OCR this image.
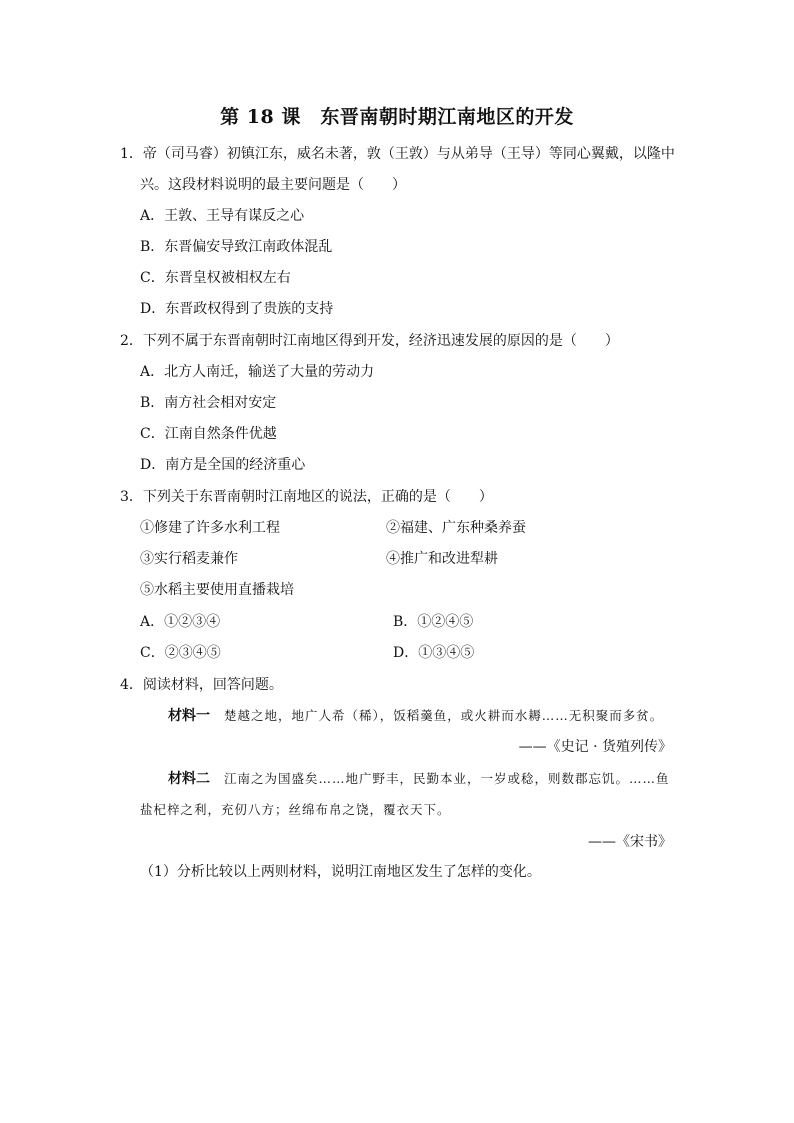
第 18 课　东晋南朝时期江南地区的开发
1．帝（司马睿）初镇江东，威名未著，敦（王敦）与从弟导（王导）等同心翼戴，以隆中
兴。这段材料说明的最主要问题是（　　）
A．王敦、王导有谋反之心
B．东晋偏安导致江南政体混乱
C．东晋皇权被相权左右
D．东晋政权得到了贵族的支持
2．下列不属于东晋南朝时江南地区得到开发，经济迅速发展的原因的是（　　）
A．北方人南迁，输送了大量的劳动力
B．南方社会相对安定
C．江南自然条件优越
D．南方是全国的经济重心
3．下列关于东晋南朝时江南地区的说法，正确的是（　　）
①修建了许多水利工程	②福建、广东种桑养蚕
③实行稻麦兼作	④推广和改进犁耕
⑤水稻主要使用直播栽培
A．①②③④	B．①②④⑤
C．②③④⑤	D．①③④⑤
4．阅读材料，回答问题。
材料一　 楚越之地，地广人希（稀），饭稻羹鱼，或火耕而水耨……无积聚而多贫。
——《史记 · 货殖列传》
材料二　 江南之为国盛矣……地广野丰，民勤本业，一岁或稔，则数郡忘饥。……鱼
盐杞梓之利，充仞八方；丝绵布帛之饶，覆衣天下。
——《宋书》
（1）分析比较以上两则材料，说明江南地区发生了怎样的变化。
